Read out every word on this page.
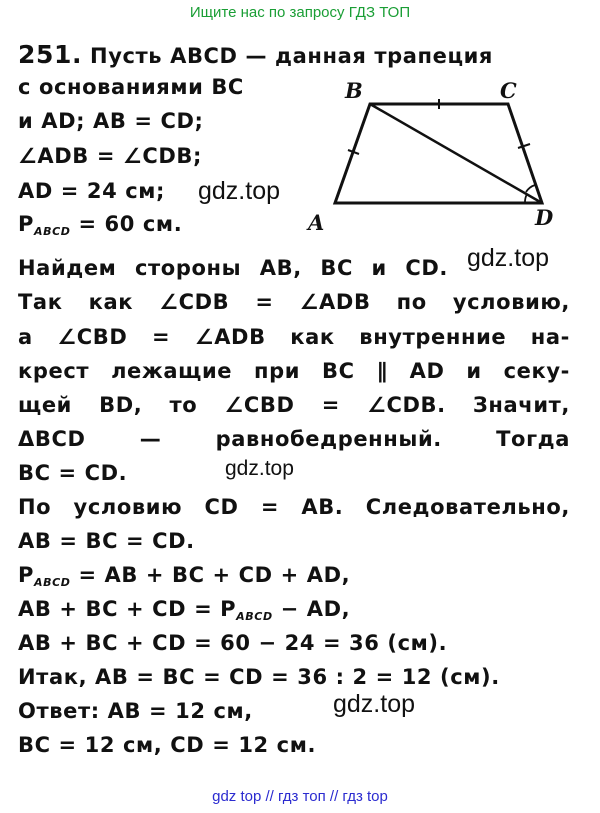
Ищите нас по запросу ГДЗ ТОП
251. Пусть ABCD — данная трапеция
с основаниями BC
и AD; AB = CD;
∠ADB = ∠CDB;
AD = 24 см;
$P_{ABCD} = 60$ см.
B	C
A	D
Найдем стороны AB, BC и CD.
Так как ∠CDB = ∠ADB по условию,
а ∠CBD = ∠ADB как внутренние на-
крест лежащие при BC ∥ AD и секу-
щей BD, то ∠CBD = ∠CDB. Значит,
ΔBCD — равнобедренный. Тогда
BC = CD.
По условию CD = AB. Следовательно,
AB = BC = CD.
$P_{ABCD}$ = AB + BC + CD + AD,
AB + BC + CD = $P_{ABCD}$ − AD,
AB + BC + CD = 60 − 24 = 36 (см).
Итак, AB = BC = CD = 36 : 2 = 12 (см).
Ответ: AB = 12 см,
BC = 12 см, CD = 12 см.
gdz.top
gdz.top
gdz.top
gdz.top
gdz top // гдз топ // гдз top
